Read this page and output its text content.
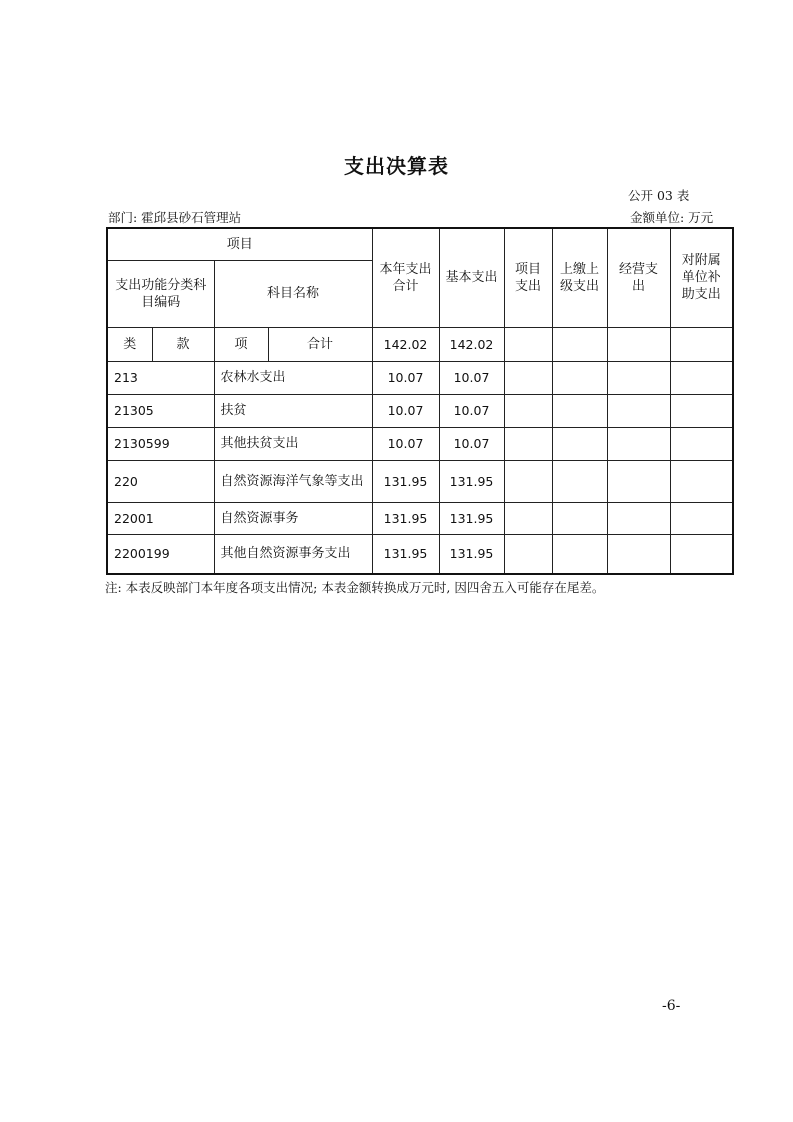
支出决算表
公开 03 表
部门: 霍邱县砂石管理站	金额单位: 万元
项目				本年支出合计	基本支出	项目支出	上缴上级支出	经营支出	对附属单位补助支出
支出功能分类科目编码		科目名称							
类	款	项	合计	142.02	142.02				
213		农林水支出		10.07	10.07				
21305		扶贫		10.07	10.07				
2130599		其他扶贫支出		10.07	10.07				
220		自然资源海洋气象等支出		131.95	131.95				
22001		自然资源事务		131.95	131.95				
2200199		其他自然资源事务支出		131.95	131.95				
注: 本表反映部门本年度各项支出情况; 本表金额转换成万元时, 因四舍五入可能存在尾差。
-6-
